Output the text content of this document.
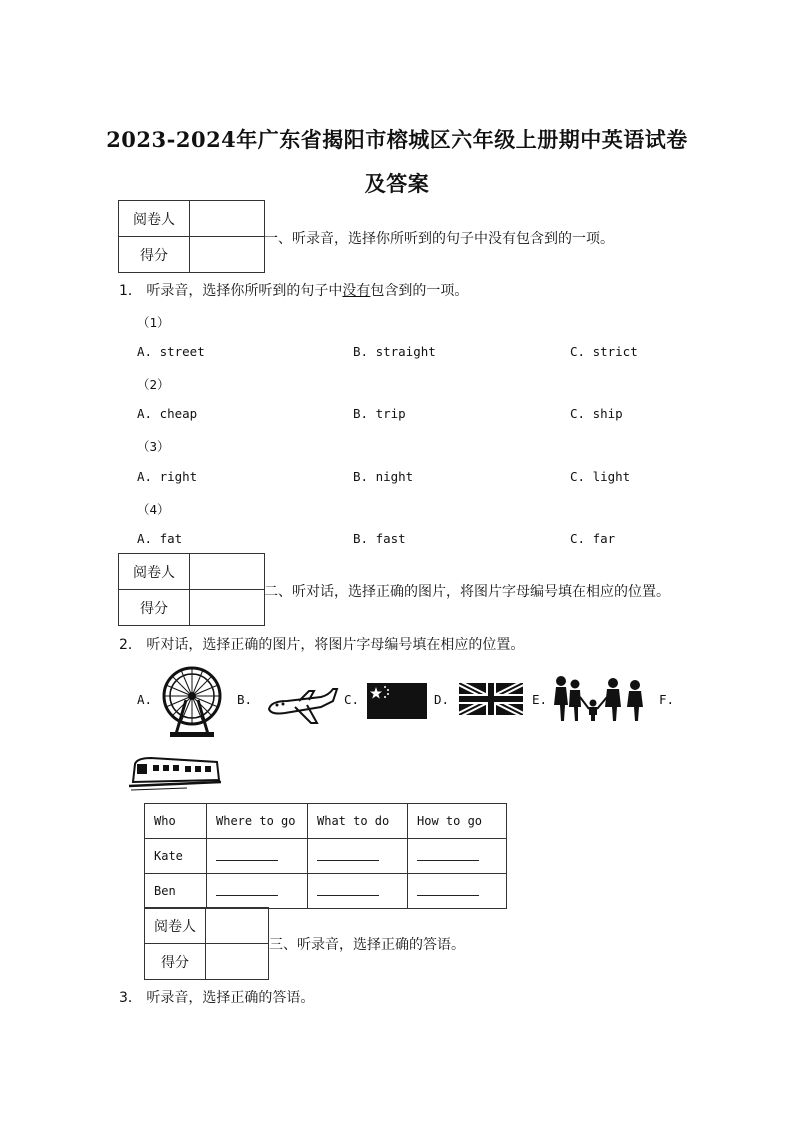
2023-2024年广东省揭阳市榕城区六年级上册期中英语试卷
及答案
阅卷人	
得分	
一、听录音，选择你所听到的句子中没有包含到的一项。
1． 听录音，选择你所听到的句子中没有包含到的一项。
（1）
A. street	B. straight	C. strict
（2）
A. cheap	B. trip	C. ship
（3）
A. right	B. night	C. light
（4）
A. fat	B. fast	C. far
阅卷人	
得分	
二、听对话，选择正确的图片，将图片字母编号填在相应的位置。
2． 听对话，选择正确的图片，将图片字母编号填在相应的位置。
A.	B.	C.	D.	E.	F.
Who	Where to go	What to do	How to go
Kate			
Ben			
阅卷人	
得分	
三、听录音，选择正确的答语。
3． 听录音，选择正确的答语。
